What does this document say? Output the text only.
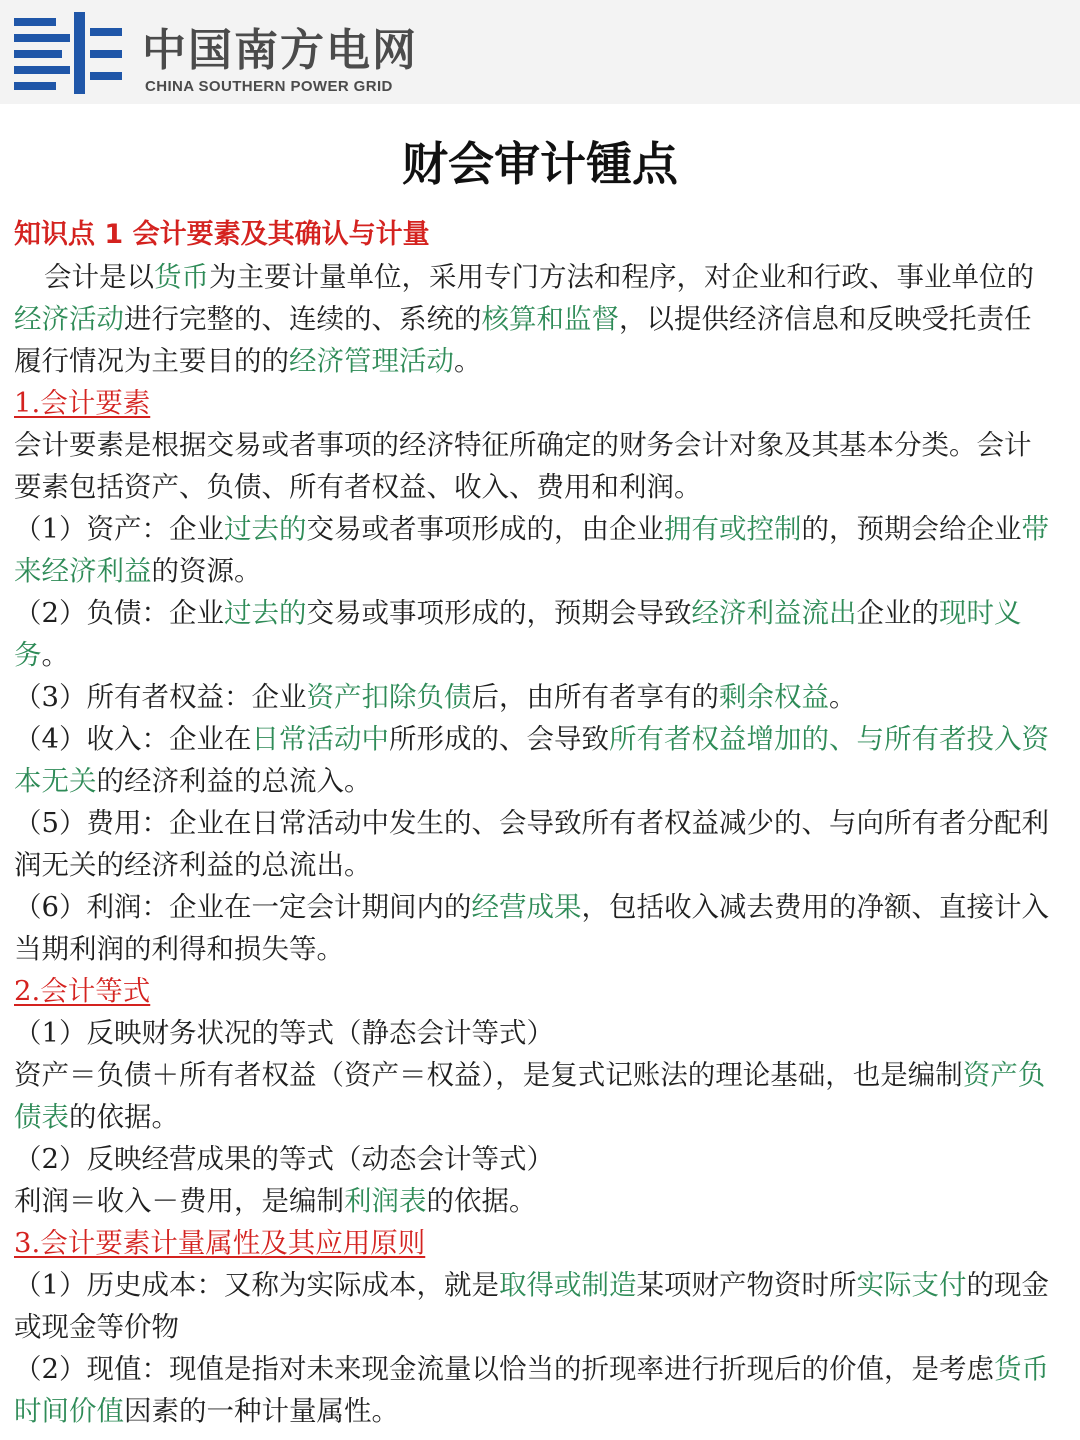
中国南方电网

CHINA SOUTHERN POWER GRID

财会审计锺点

知识点 1 会计要素及其确认与计量

会计是以货币为主要计量单位，采用专门方法和程序，对企业和行政、事业单位的经济活动进行完整的、连续的、系统的核算和监督，以提供经济信息和反映受托责任履行情况为主要目的的经济管理活动。

1.会计要素

会计要素是根据交易或者事项的经济特征所确定的财务会计对象及其基本分类。会计要素包括资产、负债、所有者权益、收入、费用和利润。

（1）资产：企业过去的交易或者事项形成的，由企业拥有或控制的，预期会给企业带来经济利益的资源。

（2）负债：企业过去的交易或事项形成的，预期会导致经济利益流出企业的现时义务。

（3）所有者权益：企业资产扣除负债后，由所有者享有的剩余权益。

（4）收入：企业在日常活动中所形成的、会导致所有者权益增加的、与所有者投入资本无关的经济利益的总流入。

（5）费用：企业在日常活动中发生的、会导致所有者权益减少的、与向所有者分配利润无关的经济利益的总流出。

（6）利润：企业在一定会计期间内的经营成果，包括收入减去费用的净额、直接计入当期利润的利得和损失等。

2.会计等式

（1）反映财务状况的等式（静态会计等式）

资产＝负债＋所有者权益（资产＝权益），是复式记账法的理论基础，也是编制资产负债表的依据。

（2）反映经营成果的等式（动态会计等式）

利润＝收入－费用，是编制利润表的依据。

3.会计要素计量属性及其应用原则

（1）历史成本：又称为实际成本，就是取得或制造某项财产物资时所实际支付的现金或现金等价物

（2）现值：现值是指对未来现金流量以恰当的折现率进行折现后的价值，是考虑货币时间价值因素的一种计量属性。
